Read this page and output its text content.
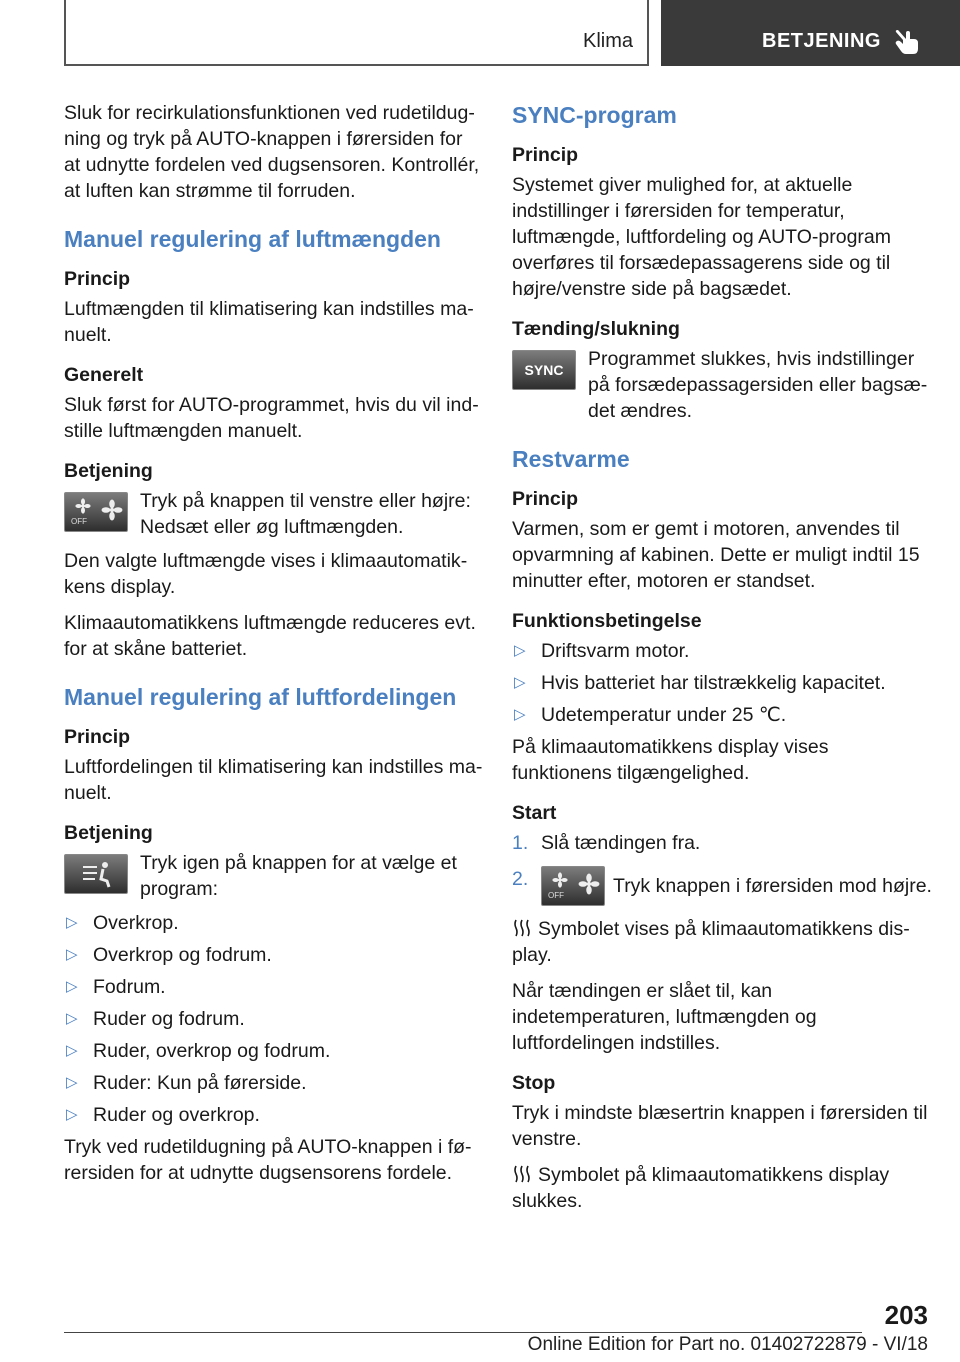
Klima	BETJENING

Sluk for recirkulationsfunktionen ved rudetildugning og tryk på AUTO-knappen i førersiden for at udnytte fordelen ved dugsensoren. Kontrollér, at luften kan strømme til forruden.

Manuel regulering af luftmængden
Princip

Luftmængden til klimatisering kan indstilles manuelt.

Generelt

Sluk først for AUTO-programmet, hvis du vil indstille luftmængden manuelt.

Betjening
OFF
Tryk på knappen til venstre eller højre: Nedsæt eller øg luftmængden.

Den valgte luftmængde vises i klimaautomatikkens display.

Klimaautomatikkens luftmængde reduceres evt. for at skåne batteriet.

Manuel regulering af luftfordelingen
Princip

Luftfordelingen til klimatisering kan indstilles manuelt.

Betjening
Tryk igen på knappen for at vælge et program:
▷ Overkrop.
▷ Overkrop og fodrum.
▷ Fodrum.
▷ Ruder og fodrum.
▷ Ruder, overkrop og fodrum.
▷ Ruder: Kun på førerside.
▷ Ruder og overkrop.

Tryk ved rudetildugning på AUTO-knappen i førersiden for at udnytte dugsensorens fordele.

SYNC-program
Princip

Systemet giver mulighed for, at aktuelle indstillinger i førersiden for temperatur, luftmængde, luftfordeling og AUTO-program overføres til forsædepassagerens side og til højre/venstre side på bagsædet.

Tænding/slukning
SYNC	Programmet slukkes, hvis indstillinger på forsædepassagersiden eller bagsædet ændres.
Restvarme
Princip

Varmen, som er gemt i motoren, anvendes til opvarmning af kabinen. Dette er muligt indtil 15 minutter efter, motoren er standset.

Funktionsbetingelse
▷ Driftsvarm motor.
▷ Hvis batteriet har tilstrækkelig kapacitet.
▷ Udetemperatur under 25 ℃.

På klimaautomatikkens display vises funktionens tilgængelighed.

Start
1. Slå tændingen fra.
2.
OFF	Tryk knappen i førersiden mod højre.

Symbolet vises på klimaautomatikkens display.

Når tændingen er slået til, kan indetemperaturen, luftmængden og luftfordelingen indstilles.

Stop

Tryk i mindste blæsertrin knappen i førersiden til venstre.

Symbolet på klimaautomatikkens display slukkes.

203
Online Edition for Part no. 01402722879 - VI/18
